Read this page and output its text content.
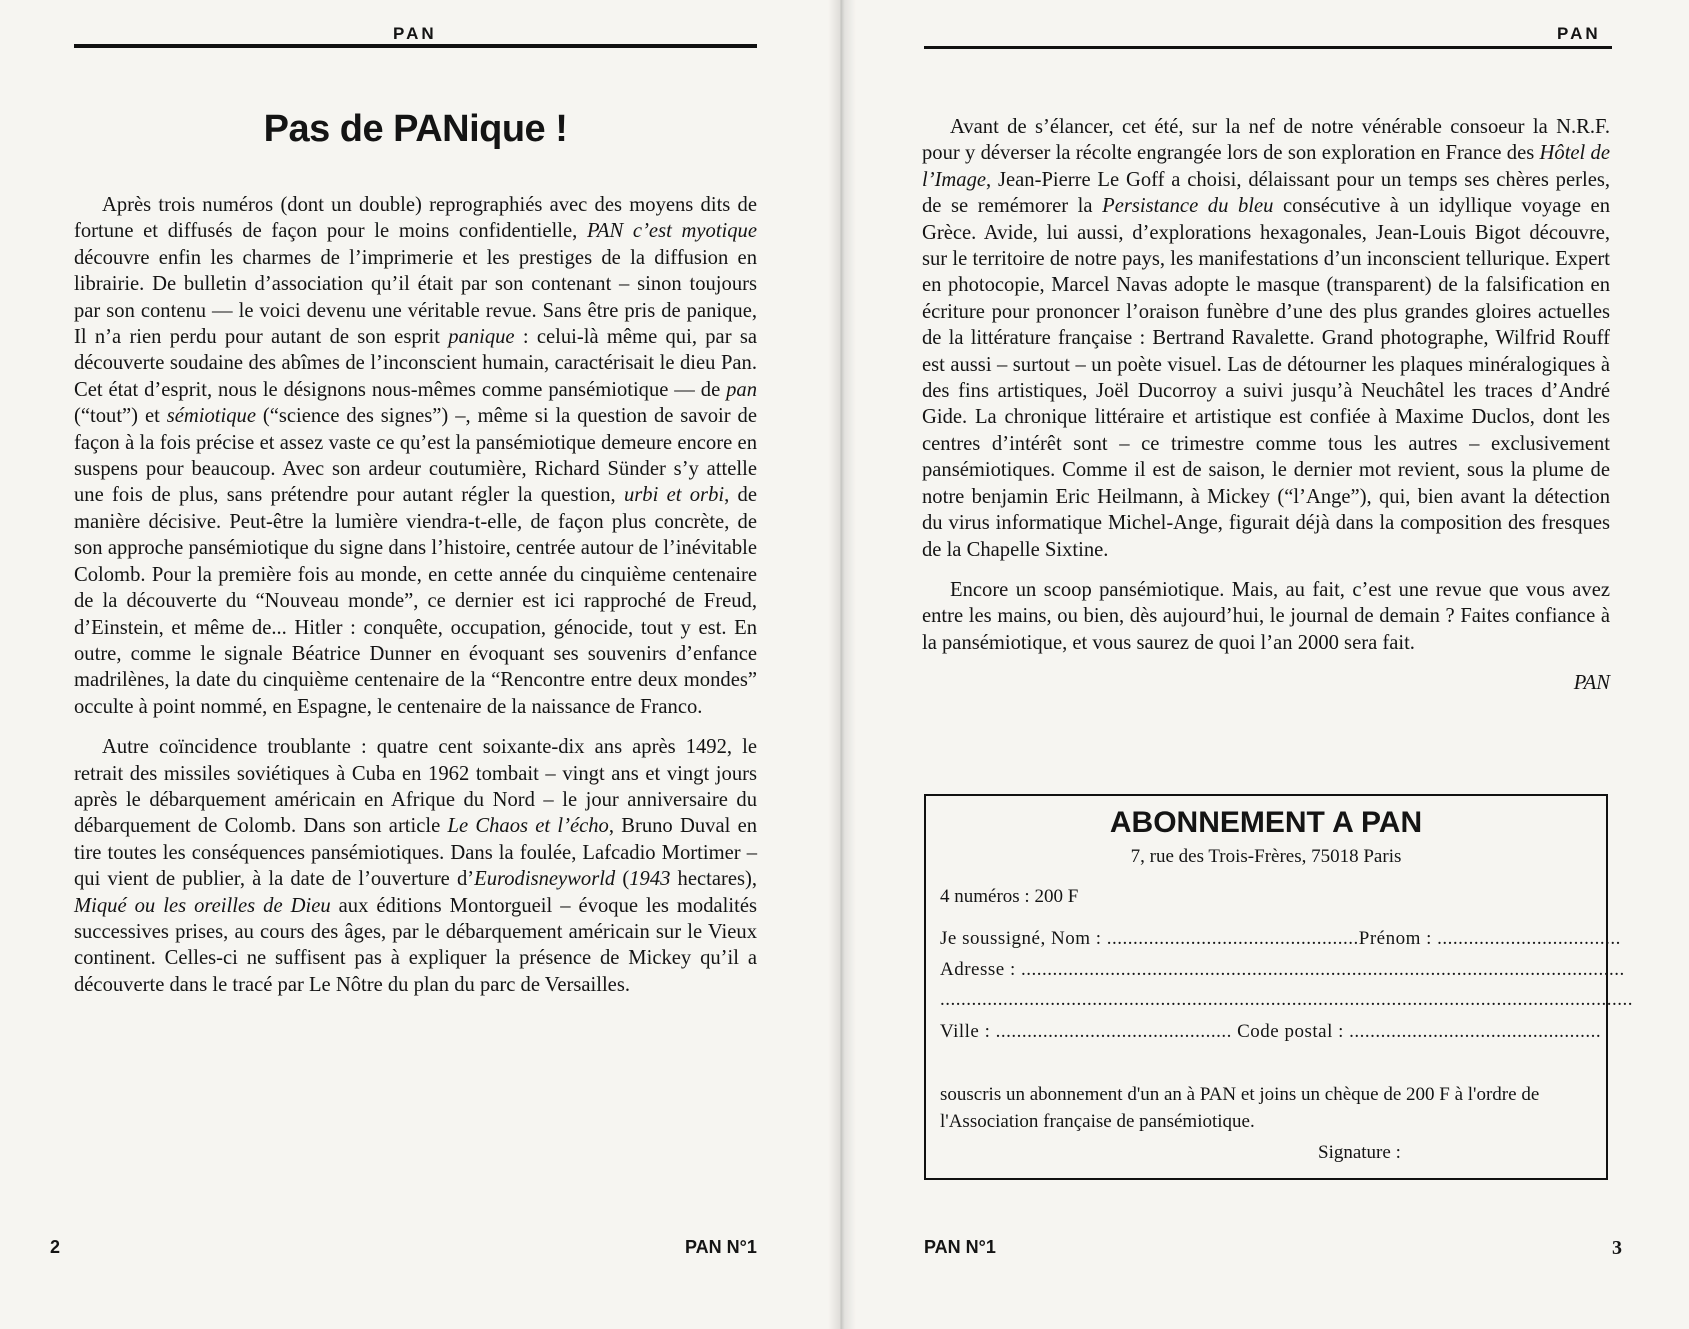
PAN
Pas de PANique !

Après trois numéros (dont un double) reprographiés avec des moyens dits de fortune et diffusés de façon pour le moins confidentielle, PAN c’est myotique découvre enfin les charmes de l’imprimerie et les prestiges de la diffusion en librairie. De bulletin d’association qu’il était par son contenant – sinon toujours par son contenu — le voici devenu une véritable revue. Sans être pris de panique, Il n’a rien perdu pour autant de son esprit panique : celui-là même qui, par sa découverte soudaine des abîmes de l’inconscient humain, caractérisait le dieu Pan. Cet état d’esprit, nous le désignons nous-mêmes comme pansémiotique — de pan (“tout”) et sémiotique (“science des signes”) –, même si la question de savoir de façon à la fois précise et assez vaste ce qu’est la pansémiotique demeure encore en suspens pour beaucoup. Avec son ardeur coutumière, Richard Sünder s’y attelle une fois de plus, sans prétendre pour autant régler la question, urbi et orbi, de manière décisive. Peut-être la lumière viendra-t-elle, de façon plus concrète, de son approche pansémiotique du signe dans l’histoire, centrée autour de l’inévitable Colomb. Pour la première fois au monde, en cette année du cinquième centenaire de la découverte du “Nouveau monde”, ce dernier est ici rapproché de Freud, d’Einstein, et même de... Hitler : conquête, occupation, génocide, tout y est. En outre, comme le signale Béatrice Dunner en évoquant ses souvenirs d’enfance madrilènes, la date du cinquième centenaire de la “Rencontre entre deux mondes” occulte à point nommé, en Espagne, le centenaire de la naissance de Franco.

Autre coïncidence troublante : quatre cent soixante-dix ans après 1492, le retrait des missiles soviétiques à Cuba en 1962 tombait – vingt ans et vingt jours après le débarquement américain en Afrique du Nord – le jour anniversaire du débarquement de Colomb. Dans son article Le Chaos et l’écho, Bruno Duval en tire toutes les conséquences pansémiotiques. Dans la foulée, Lafcadio Mortimer – qui vient de publier, à la date de l’ouverture d’Eurodisneyworld (1943 hectares), Miqué ou les oreilles de Dieu aux éditions Montorgueil – évoque les modalités successives prises, au cours des âges, par le débarquement américain sur le Vieux continent. Celles-ci ne suffisent pas à expliquer la présence de Mickey qu’il a découverte dans le tracé par Le Nôtre du plan du parc de Versailles.

2	PAN N°1
PAN

Avant de s’élancer, cet été, sur la nef de notre vénérable consoeur la N.R.F. pour y déverser la récolte engrangée lors de son exploration en France des Hôtel de l’Image, Jean-Pierre Le Goff a choisi, délaissant pour un temps ses chères perles, de se remémorer la Persistance du bleu consécutive à un idyllique voyage en Grèce. Avide, lui aussi, d’explorations hexagonales, Jean-Louis Bigot découvre, sur le territoire de notre pays, les manifestations d’un inconscient tellurique. Expert en photocopie, Marcel Navas adopte le masque (transparent) de la falsification en écriture pour prononcer l’oraison funèbre d’une des plus grandes gloires actuelles de la littérature française : Bertrand Ravalette. Grand photographe, Wilfrid Rouff est aussi – surtout – un poète visuel. Las de détourner les plaques minéralogiques à des fins artistiques, Joël Ducorroy a suivi jusqu’à Neuchâtel les traces d’André Gide. La chronique littéraire et artistique est confiée à Maxime Duclos, dont les centres d’intérêt sont – ce trimestre comme tous les autres – exclusivement pansémiotiques. Comme il est de saison, le dernier mot revient, sous la plume de notre benjamin Eric Heilmann, à Mickey (“l’Ange”), qui, bien avant la détection du virus informatique Michel-Ange, figurait déjà dans la composition des fresques de la Chapelle Sixtine.

Encore un scoop pansémiotique. Mais, au fait, c’est une revue que vous avez entre les mains, ou bien, dès aujourd’hui, le journal de demain ? Faites confiance à la pansémiotique, et vous saurez de quoi l’an 2000 sera fait.

PAN

ABONNEMENT A PAN
7, rue des Trois-Frères, 75018 Paris
4 numéros : 200 F
Je soussigné, Nom : ................................................Prénom : ...................................
Adresse : ...................................................................................................................
....................................................................................................................................
Ville : ............................................. Code postal : ................................................
souscris un abonnement d'un an à PAN et joins un chèque de 200 F à l'ordre de l'Association française de pansémiotique.
Signature :
PAN N°1	3
